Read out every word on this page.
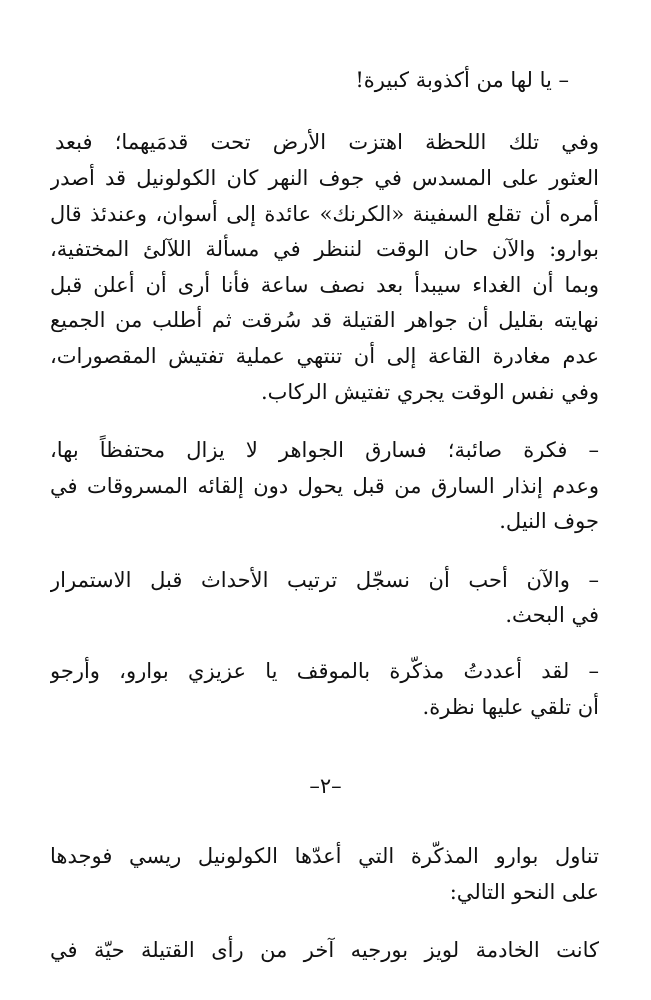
– يا لها من أكذوبة كبيرة!
وفي تلك اللحظة اهتزت الأرض تحت قدمَيهما؛ فبعد
العثور على المسدس في جوف النهر كان الكولونيل قد أصدر
أمره أن تقلع السفينة «الكرنك» عائدة إلى أسوان، وعندئذ قال
بوارو: والآن حان الوقت لننظر في مسألة اللآلئ المختفية،
وبما أن الغداء سيبدأ بعد نصف ساعة فأنا أرى أن أعلن قبل
نهايته بقليل أن جواهر القتيلة قد سُرقت ثم أطلب من الجميع
عدم مغادرة القاعة إلى أن تنتهي عملية تفتيش المقصورات،
وفي نفس الوقت يجري تفتيش الركاب.
– فكرة صائبة؛ فسارق الجواهر لا يزال محتفظاً بها،
وعدم إنذار السارق من قبل يحول دون إلقائه المسروقات في
جوف النيل.
– والآن أحب أن نسجّل ترتيب الأحداث قبل الاستمرار
في البحث.
– لقد أعددتُ مذكّرة بالموقف يا عزيزي بوارو، وأرجو
أن تلقي عليها نظرة.
–٢–
تناول بوارو المذكّرة التي أعدّها الكولونيل ريسي فوجدها
على النحو التالي:
كانت الخادمة لويز بورجيه آخر من رأى القتيلة حيّة في
